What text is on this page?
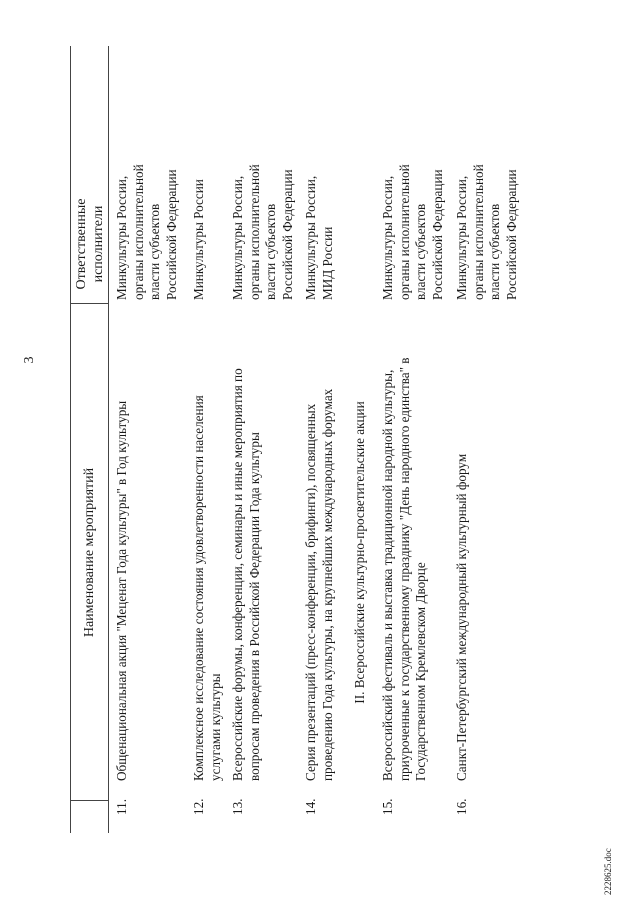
3
Наименование мероприятий
Ответственные исполнители
11.
Общенациональная акция "Меценат Года культуры" в Год культуры
Минкультуры России, органы исполнительной власти субъектов Российской Федерации
12.
Комплексное исследование состояния удовлетворенности населения услугами культуры
Минкультуры России
13.
Всероссийские форумы, конференции, семинары и иные мероприятия по вопросам проведения в Российской Федерации Года культуры
Минкультуры России, органы исполнительной власти субъектов Российской Федерации
14.
Серия презентаций (пресс-конференции, брифинги), посвященных проведению Года культуры, на крупнейших международных форумах
Минкультуры России, МИД России
II. Всероссийские культурно-просветительские акции
15.
Всероссийский фестиваль и выставка традиционной народной культуры, приуроченные к государственному празднику "День народного единства" в Государственном Кремлевском Дворце
Минкультуры России, органы исполнительной власти субъектов Российской Федерации
16.
Санкт-Петербургский международный культурный форум
Минкультуры России, органы исполнительной власти субъектов Российской Федерации
2228625.doc
